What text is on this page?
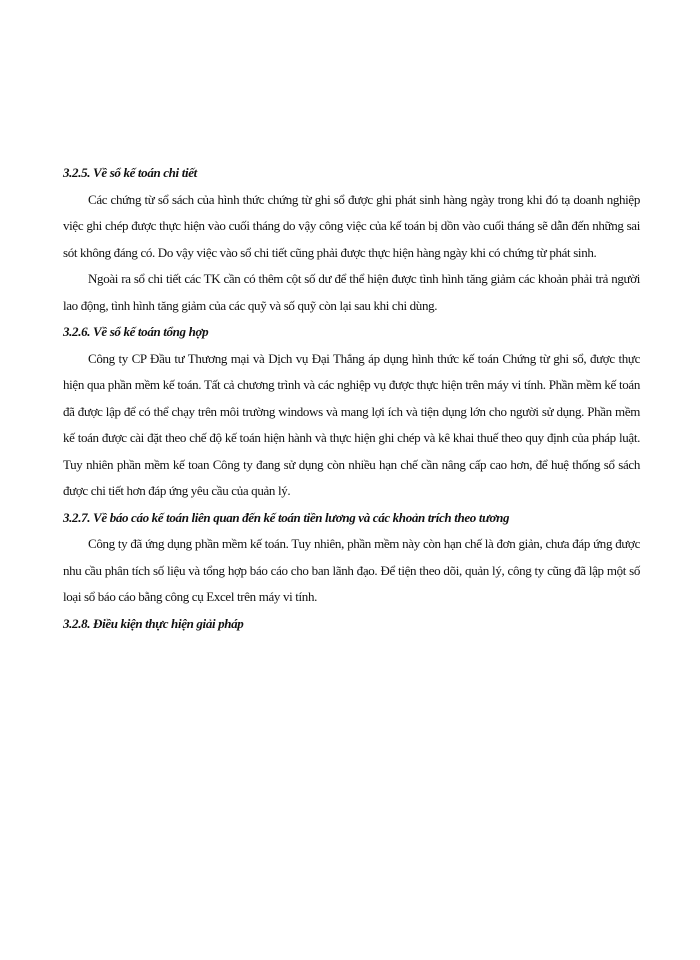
3.2.5. Về sổ kế toán chi tiết

Các chứng từ sổ sách của hình thức chứng từ ghi sổ được ghi phát sinh hàng ngày trong khi đó tạ doanh nghiệp việc ghi chép được thực hiện vào cuối tháng do vậy công việc của kế toán bị dồn vào cuối tháng sẽ dẫn đến những sai sót không đáng có. Do vậy việc vào sổ chi tiết cũng phải được thực hiện hàng ngày khi có chứng từ phát sinh.

Ngoài ra sổ chi tiết các TK cần có thêm cột số dư để thể hiện được tình hình tăng giảm các khoản phải trả người lao động, tình hình tăng giảm của các quỹ và số quỹ còn lại sau khi chi dùng.

3.2.6. Về sổ kế toán tổng hợp

Công ty CP Đầu tư Thương mại và Dịch vụ Đại Thắng áp dụng hình thức kế toán Chứng từ ghi sổ, được thực hiện qua phần mềm kế toán. Tất cả chương trình và các nghiệp vụ được thực hiện trên máy vi tính. Phần mềm kế toán đã được lập để có thể chạy trên môi trường windows và mang lợi ích và tiện dụng lớn cho người sử dụng. Phần mềm kế toán được cài đặt theo chế độ kế toán hiện hành và thực hiện ghi chép và kê khai thuế theo quy định của pháp luật. Tuy nhiên phần mềm kế toan Công ty đang sử dụng còn nhiều hạn chế cần nâng cấp cao hơn, để huệ thống sổ sách được chi tiết hơn đáp ứng yêu cầu của quản lý.

3.2.7. Về báo cáo kế toán liên quan đến kế toán tiền lương và các khoản trích theo tương

Công ty đã ứng dụng phần mềm kế toán. Tuy nhiên, phần mềm này còn hạn chế là đơn giản, chưa đáp ứng được nhu cầu phân tích số liệu và tổng hợp báo cáo cho ban lãnh đạo. Để tiện theo dõi, quản lý, công ty cũng đã lập một số loại sổ báo cáo bằng công cụ Excel trên máy vi tính.

3.2.8. Điều kiện thực hiện giải pháp
